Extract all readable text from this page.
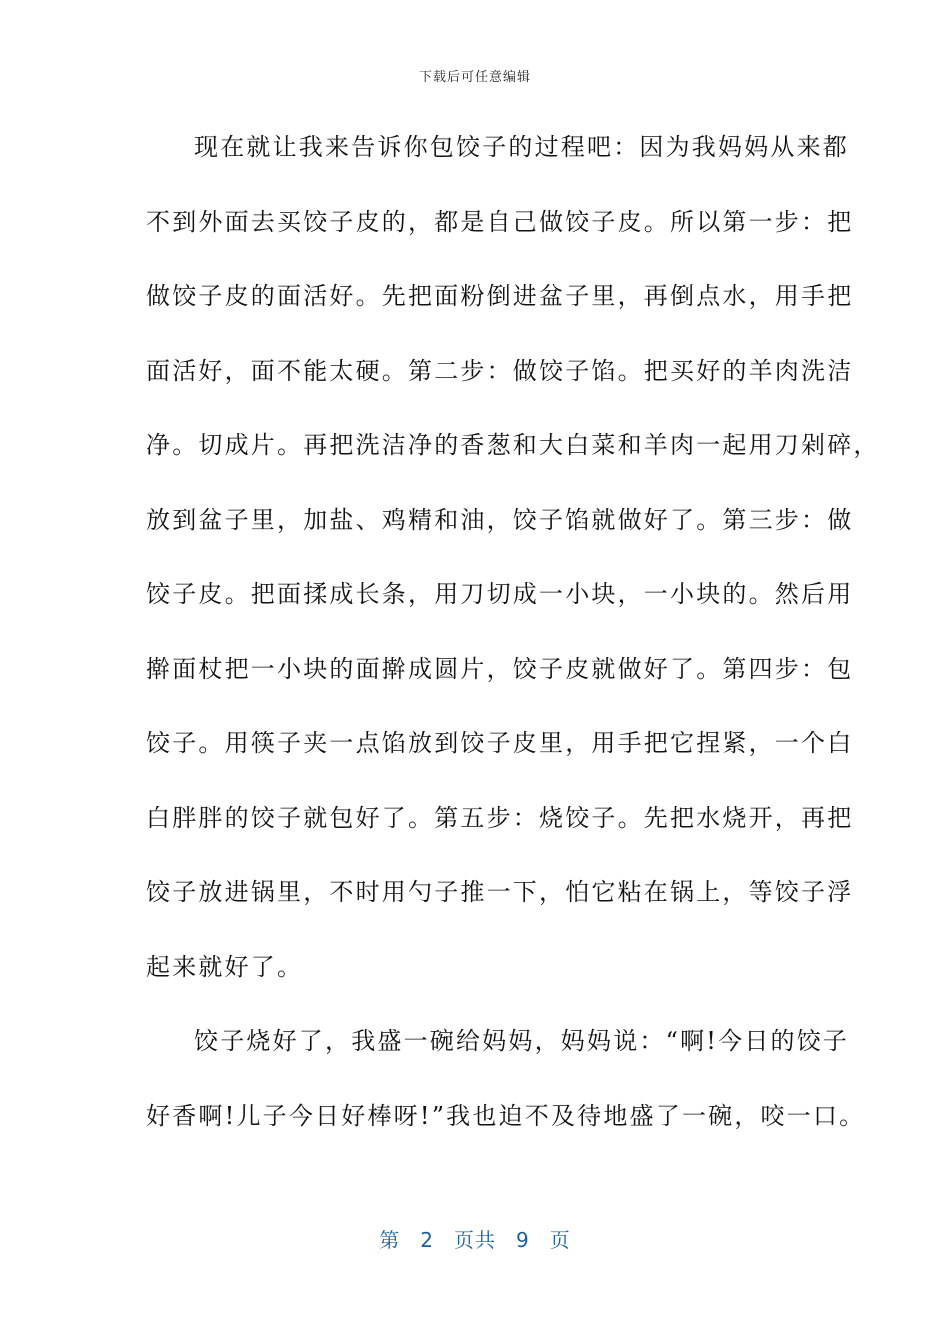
下载后可任意编辑
现在就让我来告诉你包饺子的过程吧：因为我妈妈从来都
不到外面去买饺子皮的，都是自己做饺子皮。所以第一步：把
做饺子皮的面活好。先把面粉倒进盆子里，再倒点水，用手把
面活好，面不能太硬。第二步：做饺子馅。把买好的羊肉洗洁
净。切成片。再把洗洁净的香葱和大白菜和羊肉一起用刀剁碎，
放到盆子里，加盐、鸡精和油，饺子馅就做好了。第三步：做
饺子皮。把面揉成长条，用刀切成一小块，一小块的。然后用
擀面杖把一小块的面擀成圆片，饺子皮就做好了。第四步：包
饺子。用筷子夹一点馅放到饺子皮里，用手把它捏紧，一个白
白胖胖的饺子就包好了。第五步：烧饺子。先把水烧开，再把
饺子放进锅里，不时用勺子推一下，怕它粘在锅上，等饺子浮
起来就好了。
饺子烧好了，我盛一碗给妈妈，妈妈说：“啊!今日的饺子
好香啊!儿子今日好棒呀!”我也迫不及待地盛了一碗，咬一口。
第 2 页共 9 页
